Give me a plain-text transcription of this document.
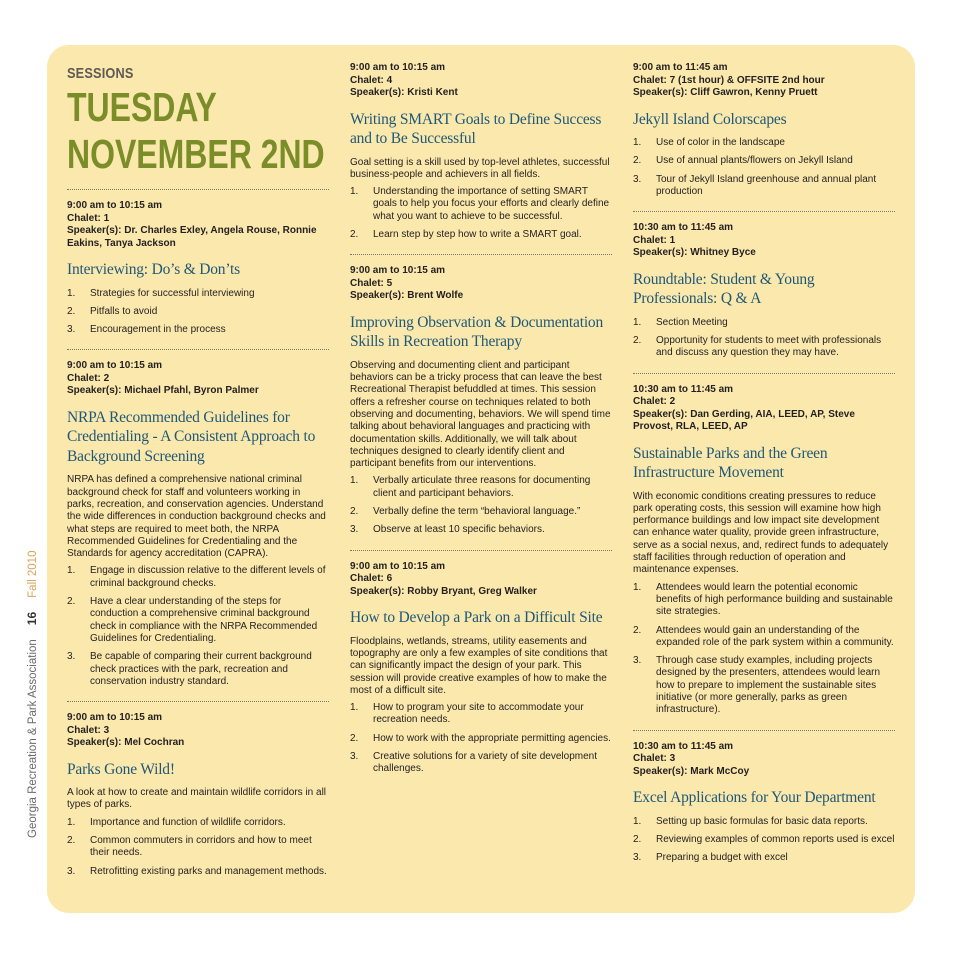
Georgia Recreation & Park Association16Fall 2010
SESSIONS
TUESDAY
NOVEMBER 2ND
9:00 am to 10:15 am
Chalet: 1
Speaker(s): Dr. Charles Exley, Angela Rouse, Ronnie Eakins, Tanya Jackson
Interviewing: Do’s & Don’ts
1. Strategies for successful interviewing
2. Pitfalls to avoid
3. Encouragement in the process
9:00 am to 10:15 am
Chalet: 2
Speaker(s): Michael Pfahl, Byron Palmer
NRPA Recommended Guidelines for Credentialing - A Consistent Approach to Background Screening
NRPA has defined a comprehensive national criminal background check for staff and volunteers working in parks, recreation, and conservation agencies. Understand the wide differences in conduction background checks and what steps are required to meet both, the NRPA Recommended Guidelines for Credentialing and the Standards for agency accreditation (CAPRA).
1. Engage in discussion relative to the different levels of criminal background checks.
2. Have a clear understanding of the steps for conduction a comprehensive criminal background check in compliance with the NRPA Recommended Guidelines for Credentialing.
3. Be capable of comparing their current background check practices with the park, recreation and conservation industry standard.
9:00 am to 10:15 am
Chalet: 3
Speaker(s): Mel Cochran
Parks Gone Wild!
A look at how to create and maintain wildlife corridors in all types of parks.
1. Importance and function of wildlife corridors.
2. Common commuters in corridors and how to meet their needs.
3. Retrofitting existing parks and management methods.
9:00 am to 10:15 am
Chalet: 4
Speaker(s): Kristi Kent
Writing SMART Goals to Define Success and to Be Successful
Goal setting is a skill used by top-level athletes, successful business-people and achievers in all fields.
1. Understanding the importance of setting SMART goals to help you focus your efforts and clearly define what you want to achieve to be successful.
2. Learn step by step how to write a SMART goal.
9:00 am to 10:15 am
Chalet: 5
Speaker(s): Brent Wolfe
Improving Observation & Documentation Skills in Recreation Therapy
Observing and documenting client and participant behaviors can be a tricky process that can leave the best Recreational Therapist befuddled at times. This session offers a refresher course on techniques related to both observing and documenting, behaviors. We will spend time talking about behavioral languages and practicing with documentation skills. Additionally, we will talk about techniques designed to clearly identify client and participant benefits from our interventions.
1. Verbally articulate three reasons for documenting client and participant behaviors.
2. Verbally define the term “behavioral language.”
3. Observe at least 10 specific behaviors.
9:00 am to 10:15 am
Chalet: 6
Speaker(s): Robby Bryant, Greg Walker
How to Develop a Park on a Difficult Site
Floodplains, wetlands, streams, utility easements and topography are only a few examples of site conditions that can significantly impact the design of your park. This session will provide creative examples of how to make the most of a difficult site.
1. How to program your site to accommodate your recreation needs.
2. How to work with the appropriate permitting agencies.
3. Creative solutions for a variety of site development challenges.
9:00 am to 11:45 am
Chalet: 7 (1st hour) & OFFSITE 2nd hour
Speaker(s): Cliff Gawron, Kenny Pruett
Jekyll Island Colorscapes
1. Use of color in the landscape
2. Use of annual plants/flowers on Jekyll Island
3. Tour of Jekyll Island greenhouse and annual plant production
10:30 am to 11:45 am
Chalet: 1
Speaker(s): Whitney Byce
Roundtable: Student & Young Professionals: Q & A
1. Section Meeting
2. Opportunity for students to meet with professionals and discuss any question they may have.
10:30 am to 11:45 am
Chalet: 2
Speaker(s): Dan Gerding, AIA, LEED, AP, Steve Provost, RLA, LEED, AP
Sustainable Parks and the Green Infrastructure Movement
With economic conditions creating pressures to reduce park operating costs, this session will examine how high performance buildings and low impact site development can enhance water quality, provide green infrastructure, serve as a social nexus, and, redirect funds to adequately staff facilities through reduction of operation and maintenance expenses.
1. Attendees would learn the potential economic benefits of high performance building and sustainable site strategies.
2. Attendees would gain an understanding of the expanded role of the park system within a community.
3. Through case study examples, including projects designed by the presenters, attendees would learn how to prepare to implement the sustainable sites initiative (or more generally, parks as green infrastructure).
10:30 am to 11:45 am
Chalet: 3
Speaker(s): Mark McCoy
Excel Applications for Your Department
1. Setting up basic formulas for basic data reports.
2. Reviewing examples of common reports used is excel
3. Preparing a budget with excel
